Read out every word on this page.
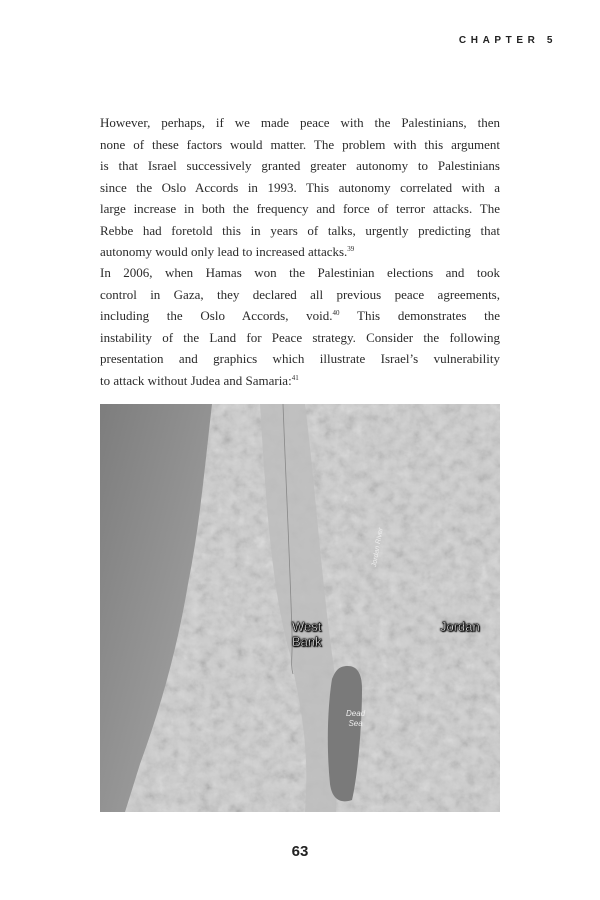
CHAPTER 5
However, perhaps, if we made peace with the Palestinians, then
none of these factors would matter. The problem with this argument
is that Israel successively granted greater autonomy to Palestinians
since the Oslo Accords in 1993. This autonomy correlated with a
large increase in both the frequency and force of terror attacks. The
Rebbe had foretold this in years of talks, urgently predicting that
autonomy would only lead to increased attacks.$^{39}$
In 2006, when Hamas won the Palestinian elections and took
control in Gaza, they declared all previous peace agreements,
including the Oslo Accords, void.$^{40}$ This demonstrates the
instability of the Land for Peace strategy. Consider the following
presentation and graphics which illustrate Israel’s vulnerability
to attack without Judea and Samaria:$^{41}$
West
Bank
Jordan
Dead
Sea
Jordan River
63
